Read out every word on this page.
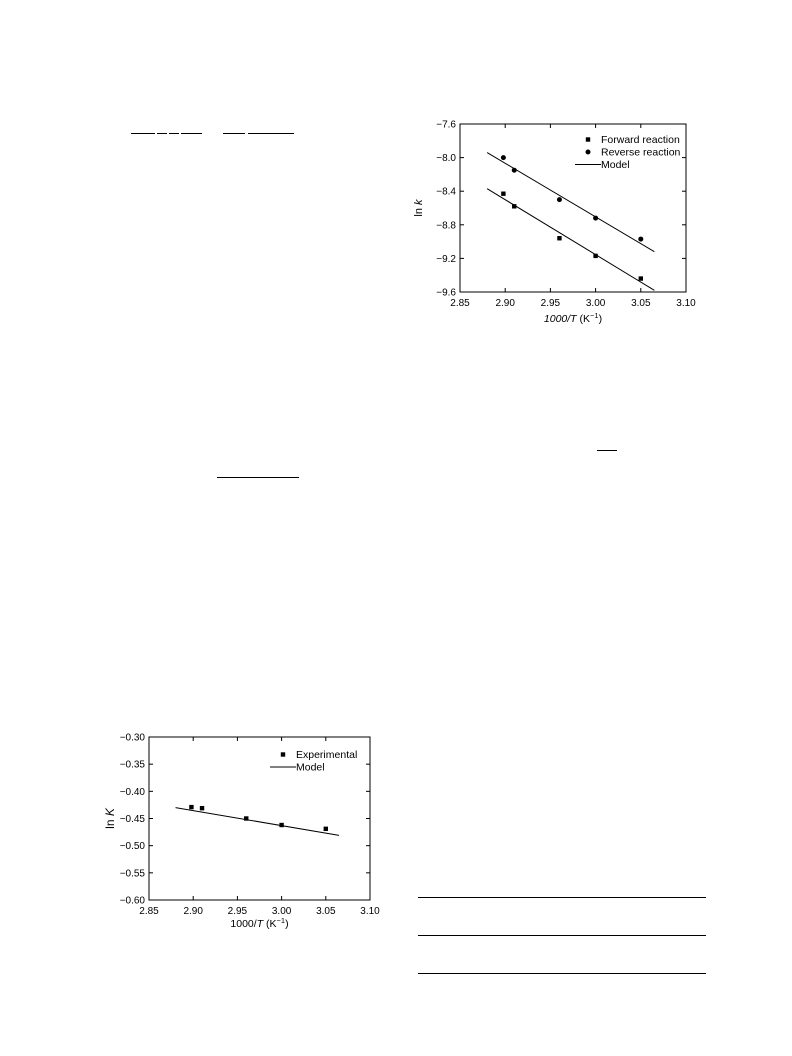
2.85	2.90	2.95	3.00	3.05	3.10
−7.6
−8.0
−8.4
−8.8
−9.2
−9.6
Forward reaction
Reverse reaction
Model
ln k
1000/T $(K^{-1})$
2.85 2.90 2.95 3.00 3.05 3.10
−0.30
−0.35
−0.40
−0.45
−0.50
−0.55
−0.60
Experimental
Model
ln K
1000/T $(K^{-1})$
